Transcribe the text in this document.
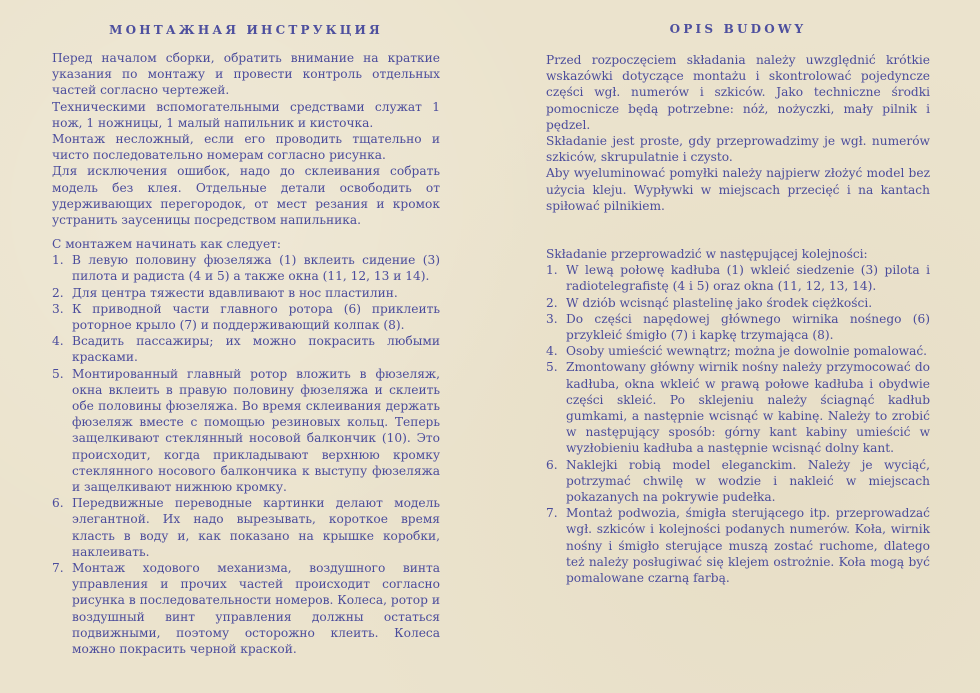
МОНТАЖНАЯ ИНСТРУКЦИЯ

Перед началом сборки, обратить внимание на краткие указания по монтажу и провести контроль отдельных частей согласно чертежей.

Техническими вспомогательными средствами служат 1 нож, 1 ножницы, 1 малый напильник и кисточка.

Монтаж несложный, если его проводить тщательно и чисто последовательно номерам согласно рисунка.

Для исключения ошибок, надо до склеивания собрать модель без клея. Отдельные детали освободить от удерживающих перегородок, от мест резания и кромок устранить заусеницы посредством напильника.

С монтажем начинать как следует:

1. В левую половину фюзеляжа (1) вклеить сидение (3) пилота и радиста (4 и 5) а также окна (11, 12, 13 и 14).
2. Для центра тяжести вдавливают в нос пластилин.
3. К приводной части главного ротора (6) приклеить роторное крыло (7) и поддерживающий колпак (8).
4. Всадить пассажиры; их можно покрасить любыми красками.
5. Монтированный главный ротор вложить в фюзеляж, окна вклеить в правую половину фюзеляжа и склеить обе половины фюзеляжа. Во время склеивания держать фюзеляж вместе с помощью резиновых кольц. Теперь защелкивают стеклянный носовой балкончик (10). Это происходит, когда прикладывают верхнюю кромку стеклянного носового балкончика к выступу фюзеляжа и защелкивают нижнюю кромку.
6. Передвижные переводные картинки делают модель элегантной. Их надо вырезывать, короткое время класть в воду и, как показано на крышке коробки, наклеивать.
7. Монтаж ходового механизма, воздушного винта управления и прочих частей происходит согласно рисунка в последовательности номеров. Колеса, ротор и воздушный винт управления должны остаться подвижными, поэтому осторожно клеить. Колеса можно покрасить черной краской.
OPIS BUDOWY

Przed rozpoczęciem składania należy uwzględnić krótkie wskazówki dotyczące montażu i skontrolować pojedyncze części wgł. numerów i szkiców. Jako techniczne środki pomocnicze będą potrzebne: nóż, nożyczki, mały pilnik i pędzel.

Składanie jest proste, gdy przeprowadzimy je wgł. numerów szkiców, skrupulatnie i czysto.

Aby wyeluminować pomyłki należy najpierw złożyć model bez użycia kleju. Wypływki w miejscach przecięć i na kantach spiłować pilnikiem.

Składanie przeprowadzić w następującej kolejności:

1. W lewą połowę kadłuba (1) wkleić siedzenie (3) pilota i radiotelegrafistę (4 i 5) oraz okna (11, 12, 13, 14).
2. W dziób wcisnąć plastelinę jako środek ciężkości.
3. Do części napędowej głównego wirnika nośnego (6) przykleić śmigło (7) i kapkę trzymająca (8).
4. Osoby umieścić wewnątrz; można je dowolnie pomalować.
5. Zmontowany główny wirnik nośny należy przymocować do kadłuba, okna wkleić w prawą połowe kadłuba i obydwie części skleić. Po sklejeniu należy ściagnąć kadłub gumkami, a następnie wcisnąć w kabinę. Należy to zrobić w następujący sposób: górny kant kabiny umieścić w wyzłobieniu kadłuba a następnie wcisnąć dolny kant.
6. Naklejki robią model eleganckim. Należy je wyciąć, potrzymać chwilę w wodzie i nakleić w miejscach pokazanych na pokrywie pudełka.
7. Montaż podwozia, śmigła sterującego itp. przeprowadzać wgł. szkiców i kolejności podanych numerów. Koła, wirnik nośny i śmigło sterujące muszą zostać ruchome, dlatego też należy posługiwać się klejem ostrożnie. Koła mogą być pomalowane czarną farbą.
